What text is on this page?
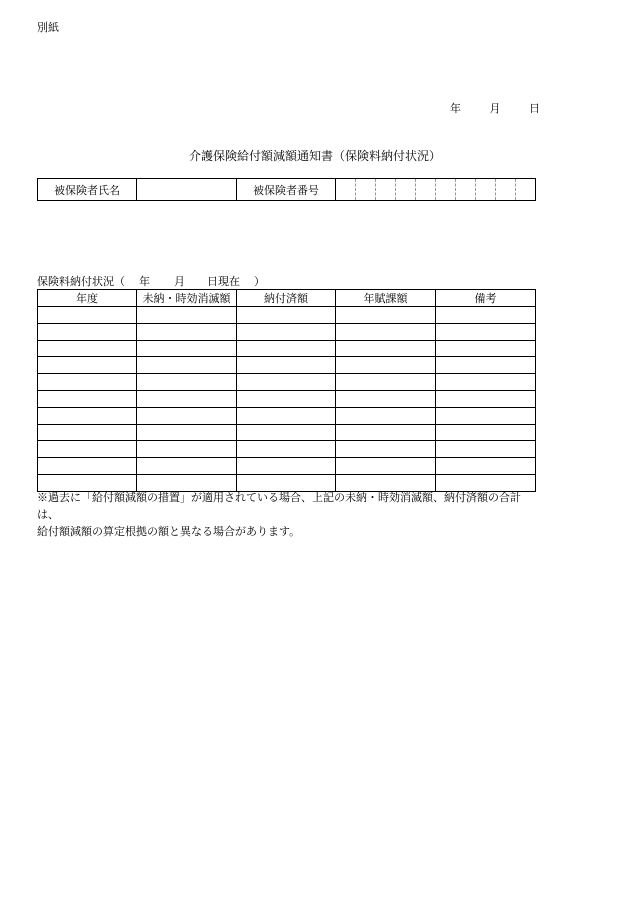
別紙
年	月	日
介護保険給付額減額通知書（保険料納付状況）
被保険者氏名		被保険者番号	
保険料納付状況（ 年 月 日現在 ）
年度	未納・時効消滅額	納付済額	年賦課額	備考

※過去に「給付額減額の措置」が適用されている場合、上記の未納・時効消滅額、納付済額の合計は、
給付額減額の算定根拠の額と異なる場合があります。
